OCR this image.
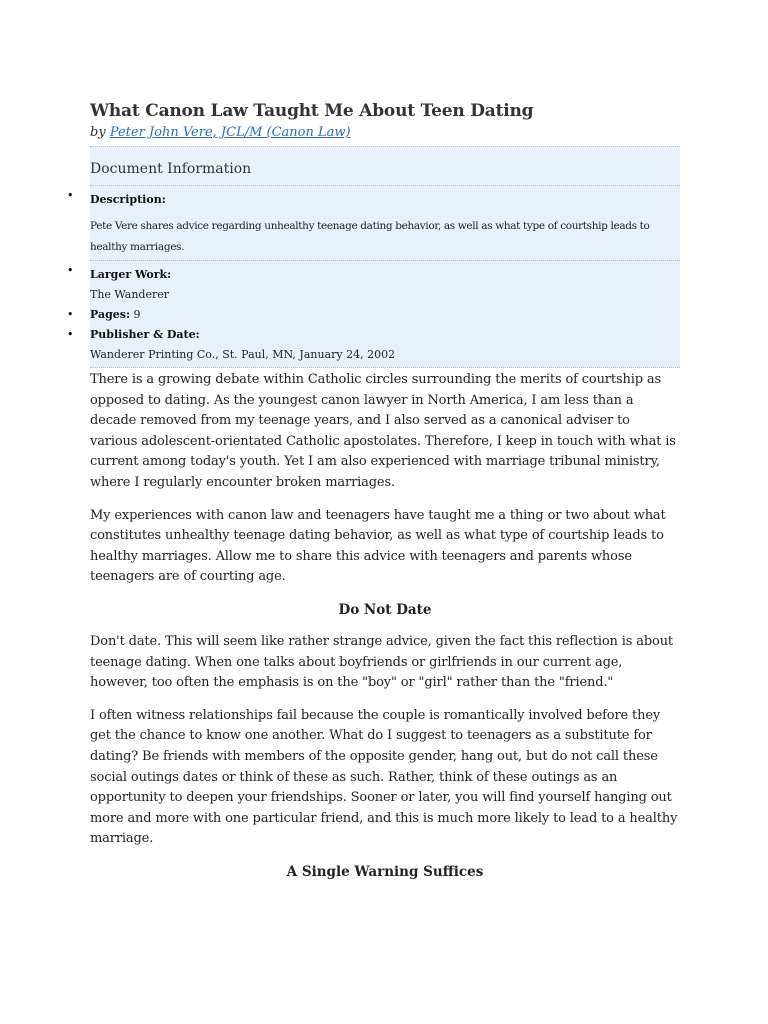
What Canon Law Taught Me About Teen Dating
by Peter John Vere, JCL/M (Canon Law)
Document Information
• Description:
Pete Vere shares advice regarding unhealthy teenage dating behavior, as well as what type of courtship leads to healthy marriages.
• Larger Work:
The Wanderer
• Pages: 9
• Publisher & Date:
Wanderer Printing Co., St. Paul, MN, January 24, 2002

There is a growing debate within Catholic circles surrounding the merits of courtship as opposed to dating. As the youngest canon lawyer in North America, I am less than a decade removed from my teenage years, and I also served as a canonical adviser to various adolescent-orientated Catholic apostolates. Therefore, I keep in touch with what is current among today's youth. Yet I am also experienced with marriage tribunal ministry, where I regularly encounter broken marriages.

My experiences with canon law and teenagers have taught me a thing or two about what constitutes unhealthy teenage dating behavior, as well as what type of courtship leads to healthy marriages. Allow me to share this advice with teenagers and parents whose teenagers are of courting age.

Do Not Date

Don't date. This will seem like rather strange advice, given the fact this reflection is about teenage dating. When one talks about boyfriends or girlfriends in our current age, however, too often the emphasis is on the "boy" or "girl" rather than the "friend."

I often witness relationships fail because the couple is romantically involved before they get the chance to know one another. What do I suggest to teenagers as a substitute for dating? Be friends with members of the opposite gender, hang out, but do not call these social outings dates or think of these as such. Rather, think of these outings as an opportunity to deepen your friendships. Sooner or later, you will find yourself hanging out more and more with one particular friend, and this is much more likely to lead to a healthy marriage.

A Single Warning Suffices
